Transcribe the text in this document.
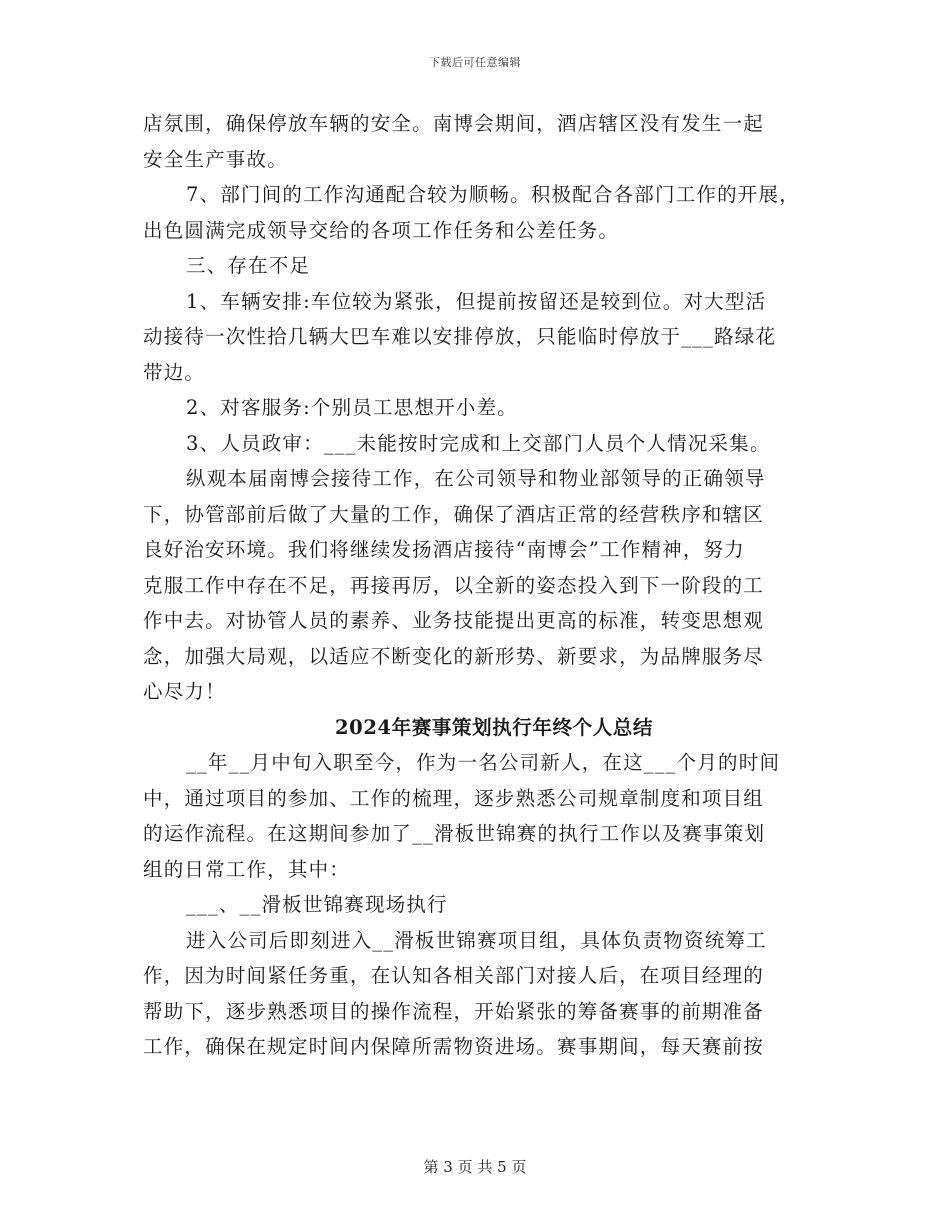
下载后可任意编辑
店氛围，确保停放车辆的安全。南博会期间，酒店辖区没有发生一起
安全生产事故。
7、部门间的工作沟通配合较为顺畅。积极配合各部门工作的开展，
出色圆满完成领导交给的各项工作任务和公差任务。
三、存在不足
1、车辆安排:车位较为紧张，但提前按留还是较到位。对大型活
动接待一次性拾几辆大巴车难以安排停放，只能临时停放于___路绿花
带边。
2、对客服务:个别员工思想开小差。
3、人员政审：___未能按时完成和上交部门人员个人情况采集。
纵观本届南博会接待工作，在公司领导和物业部领导的正确领导
下，协管部前后做了大量的工作，确保了酒店正常的经营秩序和辖区
良好治安环境。我们将继续发扬酒店接待“南博会”工作精神，努力
克服工作中存在不足，再接再厉，以全新的姿态投入到下一阶段的工
作中去。对协管人员的素养、业务技能提出更高的标准，转变思想观
念，加强大局观，以适应不断变化的新形势、新要求，为品牌服务尽
心尽力！
2024年赛事策划执行年终个人总结
__年__月中旬入职至今，作为一名公司新人，在这___个月的时间
中，通过项目的参加、工作的梳理，逐步熟悉公司规章制度和项目组
的运作流程。在这期间参加了__滑板世锦赛的执行工作以及赛事策划
组的日常工作，其中：
___、__滑板世锦赛现场执行
进入公司后即刻进入__滑板世锦赛项目组，具体负责物资统筹工
作，因为时间紧任务重，在认知各相关部门对接人后，在项目经理的
帮助下，逐步熟悉项目的操作流程，开始紧张的筹备赛事的前期准备
工作，确保在规定时间内保障所需物资进场。赛事期间，每天赛前按
第 3 页 共 5 页
